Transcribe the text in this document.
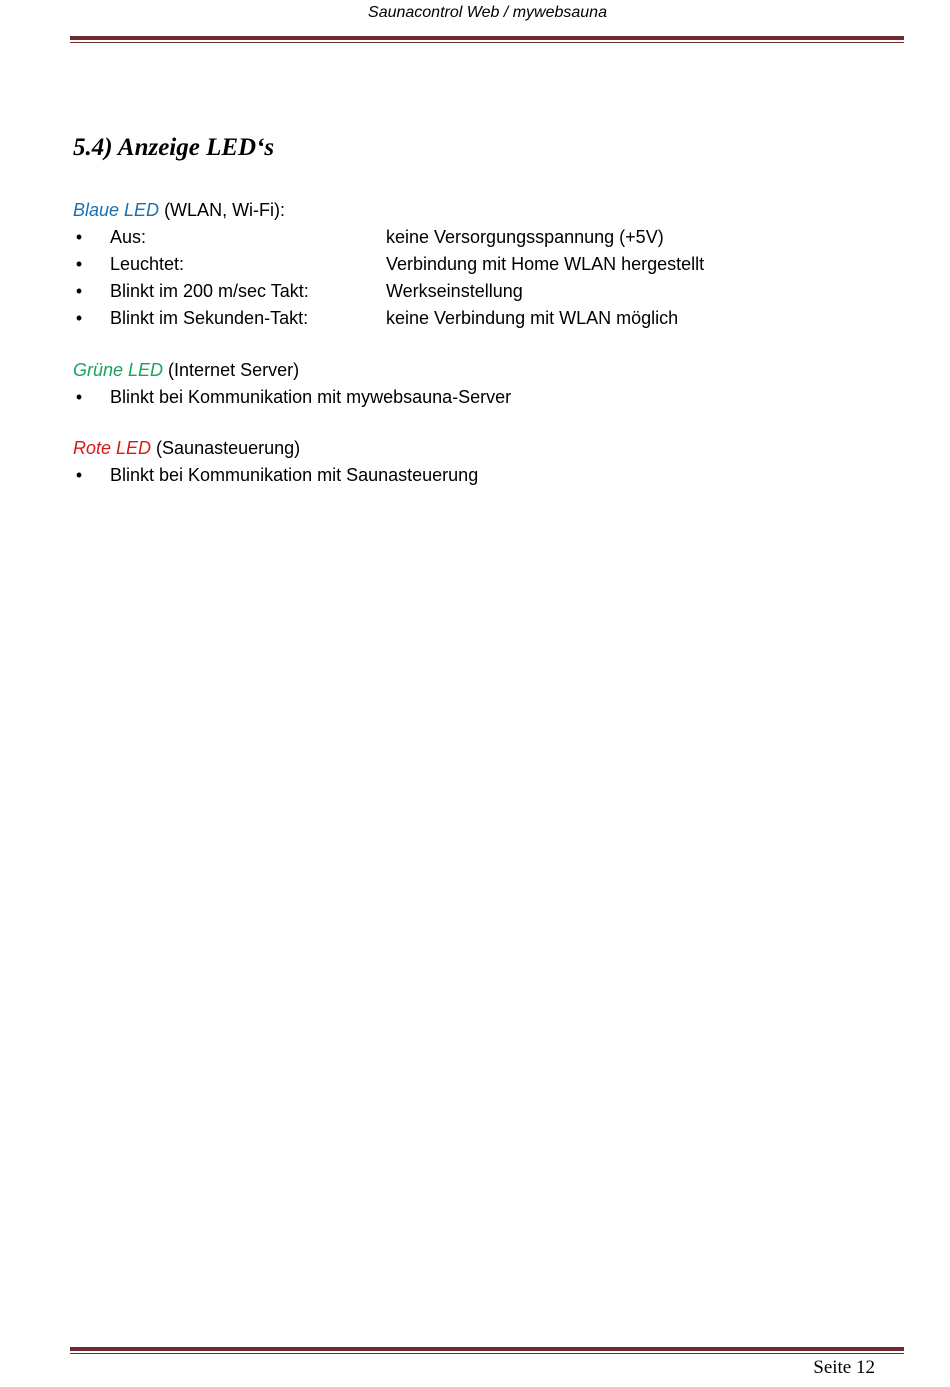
Saunacontrol Web / mywebsauna
5.4) Anzeige LED‘s
Blaue LED (WLAN, Wi-Fi):
• Aus:	keine Versorgungsspannung (+5V)
• Leuchtet:	Verbindung mit Home WLAN hergestellt
• Blinkt im 200 m/sec Takt:	Werkseinstellung
• Blinkt im Sekunden-Takt:	keine Verbindung mit WLAN möglich
Grüne LED (Internet Server)
• Blinkt bei Kommunikation mit mywebsauna-Server
Rote LED (Saunasteuerung)
• Blinkt bei Kommunikation mit Saunasteuerung
Seite 12
